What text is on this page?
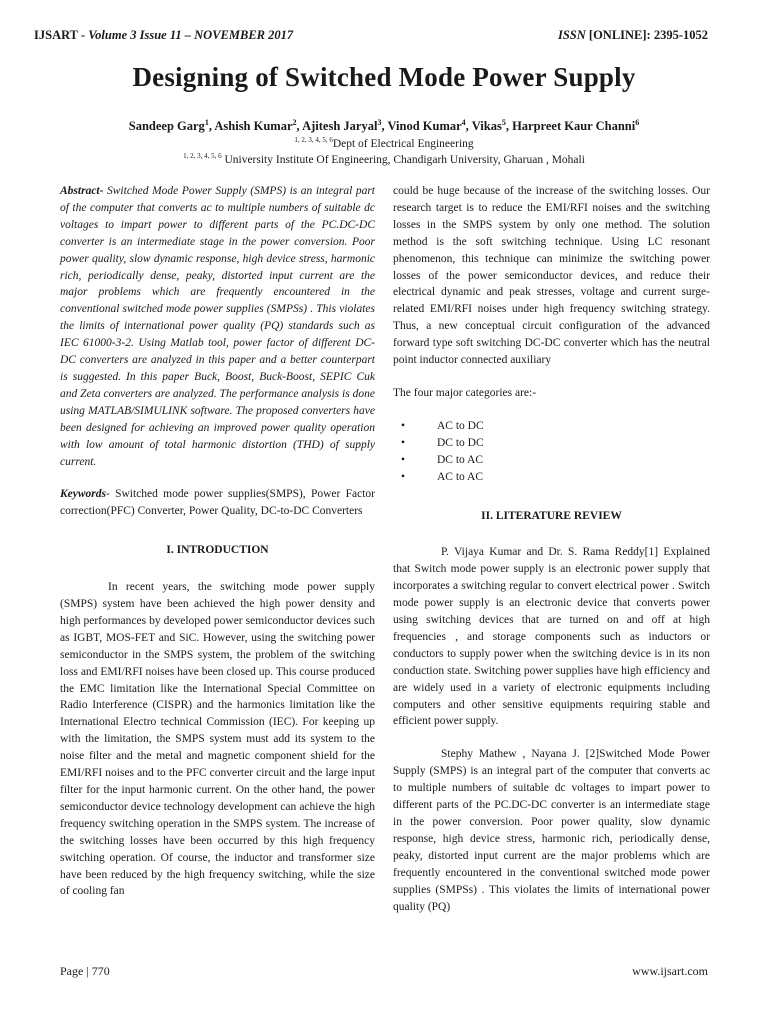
IJSART - Volume 3 Issue 11 – NOVEMBER 2017	ISSN [ONLINE]: 2395-1052
Designing of Switched Mode Power Supply
Sandeep Garg$^1$, Ashish Kumar$^2$, Ajitesh Jaryal$^3$, Vinod Kumar$^4$, Vikas$^5$, Harpreet Kaur Channi$^6$
$^{1, 2, 3, 4, 5, 6}$Dept of Electrical Engineering
$^{1, 2, 3, 4, 5, 6}$ University Institute Of Engineering, Chandigarh University, Gharuan , Mohali

Abstract- Switched Mode Power Supply (SMPS) is an integral part of the computer that converts ac to multiple numbers of suitable dc voltages to impart power to different parts of the PC.DC-DC converter is an intermediate stage in the power conversion. Poor power quality, slow dynamic response, high device stress, harmonic rich, periodically dense, peaky, distorted input current are the major problems which are frequently encountered in the conventional switched mode power supplies (SMPSs) . This violates the limits of international power quality (PQ) standards such as IEC 61000-3-2. Using Matlab tool, power factor of different DC-DC converters are analyzed in this paper and a better counterpart is suggested. In this paper Buck, Boost, Buck-Boost, SEPIC Cuk and Zeta converters are analyzed. The performance analysis is done using MATLAB/SIMULINK software. The proposed converters have been designed for achieving an improved power quality operation with low amount of total harmonic distortion (THD) of supply current.

Keywords- Switched mode power supplies(SMPS), Power Factor correction(PFC) Converter, Power Quality, DC-to-DC Converters

I. INTRODUCTION

In recent years, the switching mode power supply (SMPS) system have been achieved the high power density and high performances by developed power semiconductor devices such as IGBT, MOS-FET and SiC. However, using the switching power semiconductor in the SMPS system, the problem of the switching loss and EMI/RFI noises have been closed up. This course produced the EMC limitation like the International Special Committee on Radio Interference (CISPR) and the harmonics limitation like the International Electro technical Commission (IEC). For keeping up with the limitation, the SMPS system must add its system to the noise filter and the metal and magnetic component shield for the EMI/RFI noises and to the PFC converter circuit and the large input filter for the input harmonic current. On the other hand, the power semiconductor device technology development can achieve the high frequency switching operation in the SMPS system. The increase of the switching losses have been occurred by this high frequency switching operation. Of course, the inductor and transformer size have been reduced by the high frequency switching, while the size of cooling fan

could be huge because of the increase of the switching losses. Our research target is to reduce the EMI/RFI noises and the switching losses in the SMPS system by only one method. The solution method is the soft switching technique. Using LC resonant phenomenon, this technique can minimize the switching power losses of the power semiconductor devices, and reduce their electrical dynamic and peak stresses, voltage and current surge-related EMI/RFI noises under high frequency switching strategy. Thus, a new conceptual circuit configuration of the advanced forward type soft switching DC-DC converter which has the neutral point inductor connected auxiliary

The four major categories are:-

•	AC to DC
•	DC to DC
•	DC to AC
•	AC to AC

II. LITERATURE REVIEW

P. Vijaya Kumar and Dr. S. Rama Reddy[1] Explained that Switch mode power supply is an electronic power supply that incorporates a switching regular to convert electrical power . Switch mode power supply is an electronic device that converts power using switching devices that are turned on and off at high frequencies , and storage components such as inductors or conductors to supply power when the switching device is in its non conduction state. Switching power supplies have high efficiency and are widely used in a variety of electronic equipments including computers and other sensitive equipments requiring stable and efficient power supply.

Stephy Mathew , Nayana J. [2]Switched Mode Power Supply (SMPS) is an integral part of the computer that converts ac to multiple numbers of suitable dc voltages to impart power to different parts of the PC.DC-DC converter is an intermediate stage in the power conversion. Poor power quality, slow dynamic response, high device stress, harmonic rich, periodically dense, peaky, distorted input current are the major problems which are frequently encountered in the conventional switched mode power supplies (SMPSs) . This violates the limits of international power quality (PQ)

Page | 770	www.ijsart.com
